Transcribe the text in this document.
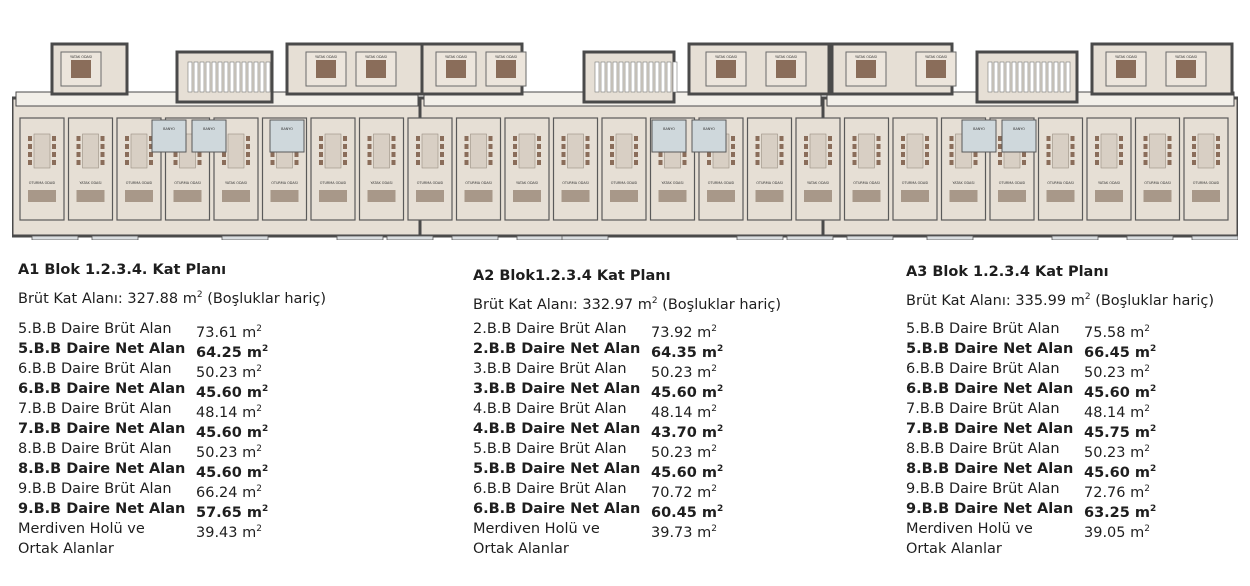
YATAK ODASI	YATAK ODASI	YATAK ODASI	YATAK ODASI	YATAK ODASI	YATAK ODASI	YATAK ODASI	YATAK ODASI	YATAK ODASI	YATAK ODASI	YATAK ODASI
OTURMA ODASI	YATAK ODASI	OTURMA ODASI	OTURMA ODASI	YATAK ODASI	OTURMA ODASI	OTURMA ODASI	YATAK ODASI	OTURMA ODASI	OTURMA ODASI	YATAK ODASI	OTURMA ODASI	OTURMA ODASI	YATAK ODASI	OTURMA ODASI	OTURMA ODASI	YATAK ODASI	OTURMA ODASI	OTURMA ODASI	YATAK ODASI	OTURMA ODASI	OTURMA ODASI	YATAK ODASI	OTURMA ODASI	OTURMA ODASI
BANYO	BANYO	BANYO	BANYO	BANYO	BANYO	BANYO
A1 Blok 1.2.3.4. Kat Planı
Brüt Kat Alanı: 327.88 $m^2$ (Boşluklar hariç)
5.B.B Daire Brüt Alan	73.61 $m^2$
5.B.B Daire Net Alan 64.25 $m^2$
6.B.B Daire Brüt Alan	50.23 $m^2$
6.B.B Daire Net Alan 45.60 $m^2$
7.B.B Daire Brüt Alan	48.14 $m^2$
7.B.B Daire Net Alan 45.60 $m^2$
8.B.B Daire Brüt Alan	50.23 $m^2$
8.B.B Daire Net Alan 45.60 $m^2$
9.B.B Daire Brüt Alan	66.24 $m^2$
9.B.B Daire Net Alan 57.65 $m^2$
Merdiven Holü ve
Ortak Alanlar
39.43 $m^2$
A2 Blok1.2.3.4 Kat Planı
Brüt Kat Alanı: 332.97 $m^2$ (Boşluklar hariç)
2.B.B Daire Brüt Alan	73.92 $m^2$
2.B.B Daire Net Alan 64.35 $m^2$
3.B.B Daire Brüt Alan	50.23 $m^2$
3.B.B Daire Net Alan 45.60 $m^2$
4.B.B Daire Brüt Alan	48.14 $m^2$
4.B.B Daire Net Alan 43.70 $m^2$
5.B.B Daire Brüt Alan	50.23 $m^2$
5.B.B Daire Net Alan 45.60 $m^2$
6.B.B Daire Brüt Alan	70.72 $m^2$
6.B.B Daire Net Alan 60.45 $m^2$
Merdiven Holü ve
Ortak Alanlar
39.73 $m^2$
A3 Blok 1.2.3.4 Kat Planı
Brüt Kat Alanı: 335.99 $m^2$ (Boşluklar hariç)
5.B.B Daire Brüt Alan	75.58 $m^2$
5.B.B Daire Net Alan 66.45 $m^2$
6.B.B Daire Brüt Alan	50.23 $m^2$
6.B.B Daire Net Alan 45.60 $m^2$
7.B.B Daire Brüt Alan	48.14 $m^2$
7.B.B Daire Net Alan 45.75 $m^2$
8.B.B Daire Brüt Alan	50.23 $m^2$
8.B.B Daire Net Alan 45.60 $m^2$
9.B.B Daire Brüt Alan	72.76 $m^2$
9.B.B Daire Net Alan 63.25 $m^2$
Merdiven Holü ve
Ortak Alanlar
39.05 $m^2$
